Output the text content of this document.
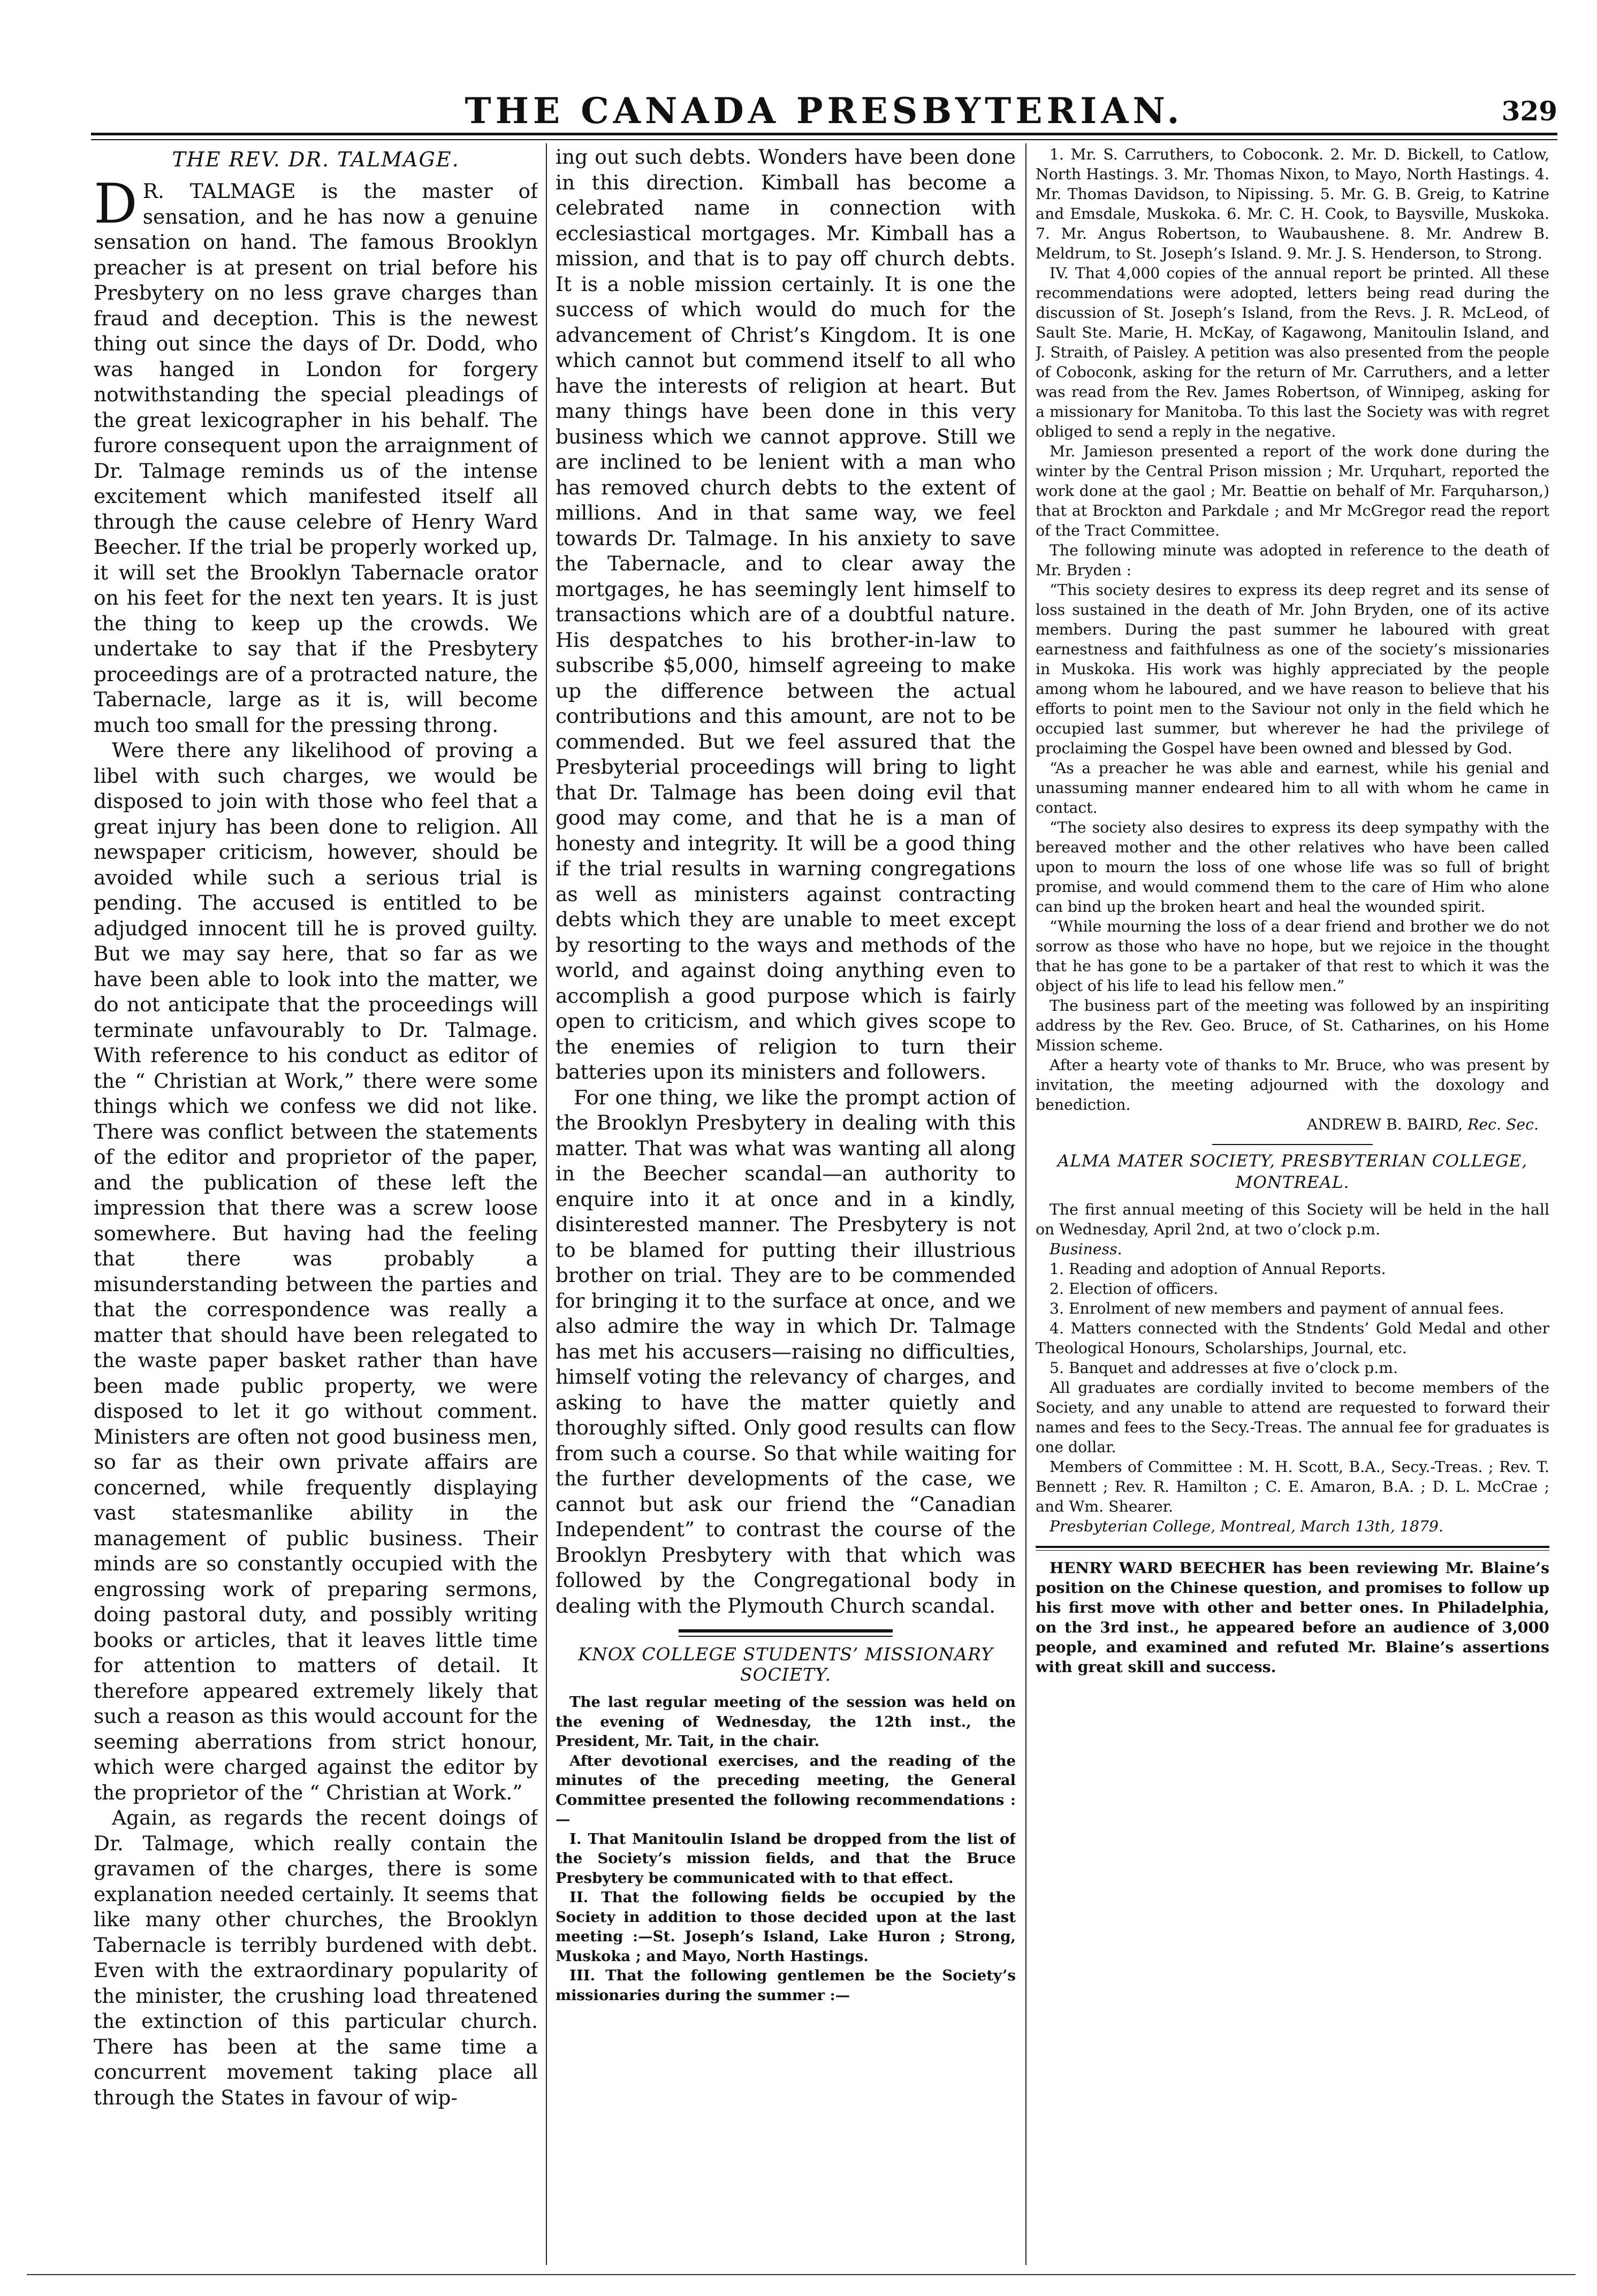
THE CANADA PRESBYTERIAN.	329
THE REV. DR. TALMAGE.

D R. TALMAGE is the master of sensation, and he has now a genuine sensation on hand. The famous Brooklyn preacher is at present on trial before his Presbytery on no less grave charges than fraud and deception. This is the newest thing out since the days of Dr. Dodd, who was hanged in London for forgery notwithstanding the special pleadings of the great lexicographer in his behalf. The furore consequent upon the arraignment of Dr. Talmage reminds us of the intense excitement which manifested itself all through the cause celebre of Henry Ward Beecher. If the trial be properly worked up, it will set the Brooklyn Tabernacle orator on his feet for the next ten years. It is just the thing to keep up the crowds. We undertake to say that if the Presbytery proceedings are of a protracted nature, the Tabernacle, large as it is, will become much too small for the pressing throng.

Were there any likelihood of proving a libel with such charges, we would be disposed to join with those who feel that a great injury has been done to religion. All newspaper criticism, however, should be avoided while such a serious trial is pending. The accused is entitled to be adjudged innocent till he is proved guilty. But we may say here, that so far as we have been able to look into the matter, we do not anticipate that the proceedings will terminate unfavourably to Dr. Talmage. With reference to his conduct as editor of the “ Christian at Work,” there were some things which we confess we did not like. There was conflict between the statements of the editor and proprietor of the paper, and the publication of these left the impression that there was a screw loose somewhere. But having had the feeling that there was probably a misunderstanding between the parties and that the correspondence was really a matter that should have been relegated to the waste paper basket rather than have been made public property, we were disposed to let it go without comment. Ministers are often not good business men, so far as their own private affairs are concerned, while frequently displaying vast statesmanlike ability in the management of public business. Their minds are so constantly occupied with the engrossing work of preparing sermons, doing pastoral duty, and possibly writing books or articles, that it leaves little time for attention to matters of detail. It therefore appeared extremely likely that such a reason as this would account for the seeming aberrations from strict honour, which were charged against the editor by the proprietor of the “ Christian at Work.”

Again, as regards the recent doings of Dr. Talmage, which really contain the gravamen of the charges, there is some explanation needed certainly. It seems that like many other churches, the Brooklyn Tabernacle is terribly burdened with debt. Even with the extraordinary popularity of the minister, the crushing load threatened the extinction of this particular church. There has been at the same time a concurrent movement taking place all through the States in favour of wip-

ing out such debts. Wonders have been done in this direction. Kimball has become a celebrated name in connection with ecclesiastical mortgages. Mr. Kimball has a mission, and that is to pay off church debts. It is a noble mission certainly. It is one the success of which would do much for the advancement of Christ’s Kingdom. It is one which cannot but commend itself to all who have the interests of religion at heart. But many things have been done in this very business which we cannot approve. Still we are inclined to be lenient with a man who has removed church debts to the extent of millions. And in that same way, we feel towards Dr. Talmage. In his anxiety to save the Tabernacle, and to clear away the mortgages, he has seemingly lent himself to transactions which are of a doubtful nature. His despatches to his brother-in-law to subscribe $5,000, himself agreeing to make up the difference between the actual contributions and this amount, are not to be commended. But we feel assured that the Presbyterial proceedings will bring to light that Dr. Talmage has been doing evil that good may come, and that he is a man of honesty and integrity. It will be a good thing if the trial results in warning congregations as well as ministers against contracting debts which they are unable to meet except by resorting to the ways and methods of the world, and against doing anything even to accomplish a good purpose which is fairly open to criticism, and which gives scope to the enemies of religion to turn their batteries upon its ministers and followers.

For one thing, we like the prompt action of the Brooklyn Presbytery in dealing with this matter. That was what was wanting all along in the Beecher scandal—an authority to enquire into it at once and in a kindly, disinterested manner. The Presbytery is not to be blamed for putting their illustrious brother on trial. They are to be commended for bringing it to the surface at once, and we also admire the way in which Dr. Talmage has met his accusers—raising no difficulties, himself voting the relevancy of charges, and asking to have the matter quietly and thoroughly sifted. Only good results can flow from such a course. So that while waiting for the further developments of the case, we cannot but ask our friend the “Canadian Independent” to contrast the course of the Brooklyn Presbytery with that which was followed by the Congregational body in dealing with the Plymouth Church scandal.

KNOX COLLEGE STUDENTS’ MISSIONARY SOCIETY.

The last regular meeting of the session was held on the evening of Wednesday, the 12th inst., the President, Mr. Tait, in the chair.

After devotional exercises, and the reading of the minutes of the preceding meeting, the General Committee presented the following recommendations :—

I. That Manitoulin Island be dropped from the list of the Society’s mission fields, and that the Bruce Presbytery be communicated with to that effect.

II. That the following fields be occupied by the Society in addition to those decided upon at the last meeting :—St. Joseph’s Island, Lake Huron ; Strong, Muskoka ; and Mayo, North Hastings.

III. That the following gentlemen be the Society’s missionaries during the summer :—

1. Mr. S. Carruthers, to Coboconk. 2. Mr. D. Bickell, to Catlow, North Hastings. 3. Mr. Thomas Nixon, to Mayo, North Hastings. 4. Mr. Thomas Davidson, to Nipissing. 5. Mr. G. B. Greig, to Katrine and Emsdale, Muskoka. 6. Mr. C. H. Cook, to Baysville, Muskoka. 7. Mr. Angus Robertson, to Waubaushene. 8. Mr. Andrew B. Meldrum, to St. Joseph’s Island. 9. Mr. J. S. Henderson, to Strong.

IV. That 4,000 copies of the annual report be printed. All these recommendations were adopted, letters being read during the discussion of St. Joseph’s Island, from the Revs. J. R. McLeod, of Sault Ste. Marie, H. McKay, of Kagawong, Manitoulin Island, and J. Straith, of Paisley. A petition was also presented from the people of Coboconk, asking for the return of Mr. Carruthers, and a letter was read from the Rev. James Robertson, of Winnipeg, asking for a missionary for Manitoba. To this last the Society was with regret obliged to send a reply in the negative.

Mr. Jamieson presented a report of the work done during the winter by the Central Prison mission ; Mr. Urquhart, reported the work done at the gaol ; Mr. Beattie on behalf of Mr. Farquharson,) that at Brockton and Parkdale ; and Mr McGregor read the report of the Tract Committee.

The following minute was adopted in reference to the death of Mr. Bryden :

“This society desires to express its deep regret and its sense of loss sustained in the death of Mr. John Bryden, one of its active members. During the past summer he laboured with great earnestness and faithfulness as one of the society’s missionaries in Muskoka. His work was highly appreciated by the people among whom he laboured, and we have reason to believe that his efforts to point men to the Saviour not only in the field which he occupied last summer, but wherever he had the privilege of proclaiming the Gospel have been owned and blessed by God.

“As a preacher he was able and earnest, while his genial and unassuming manner endeared him to all with whom he came in contact.

“The society also desires to express its deep sympathy with the bereaved mother and the other relatives who have been called upon to mourn the loss of one whose life was so full of bright promise, and would commend them to the care of Him who alone can bind up the broken heart and heal the wounded spirit.

“While mourning the loss of a dear friend and brother we do not sorrow as those who have no hope, but we rejoice in the thought that he has gone to be a partaker of that rest to which it was the object of his life to lead his fellow men.”

The business part of the meeting was followed by an inspiriting address by the Rev. Geo. Bruce, of St. Catharines, on his Home Mission scheme.

After a hearty vote of thanks to Mr. Bruce, who was present by invitation, the meeting adjourned with the doxology and benediction.

ANDREW B. BAIRD, Rec. Sec.

ALMA MATER SOCIETY, PRESBYTERIAN COLLEGE, MONTREAL.

The first annual meeting of this Society will be held in the hall on Wednesday, April 2nd, at two o’clock p.m.

Business.

1. Reading and adoption of Annual Reports.

2. Election of officers.

3. Enrolment of new members and payment of annual fees.

4. Matters connected with the Stndents’ Gold Medal and other Theological Honours, Scholarships, Journal, etc.

5. Banquet and addresses at five o’clock p.m.

All graduates are cordially invited to become members of the Society, and any unable to attend are requested to forward their names and fees to the Secy.-Treas. The annual fee for graduates is one dollar.

Members of Committee : M. H. Scott, B.A., Secy.-Treas. ; Rev. T. Bennett ; Rev. R. Hamilton ; C. E. Amaron, B.A. ; D. L. McCrae ; and Wm. Shearer.

Presbyterian College, Montreal, March 13th, 1879.

HENRY WARD BEECHER has been reviewing Mr. Blaine’s position on the Chinese question, and promises to follow up his first move with other and better ones. In Philadelphia, on the 3rd inst., he appeared before an audience of 3,000 people, and examined and refuted Mr. Blaine’s assertions with great skill and success.
